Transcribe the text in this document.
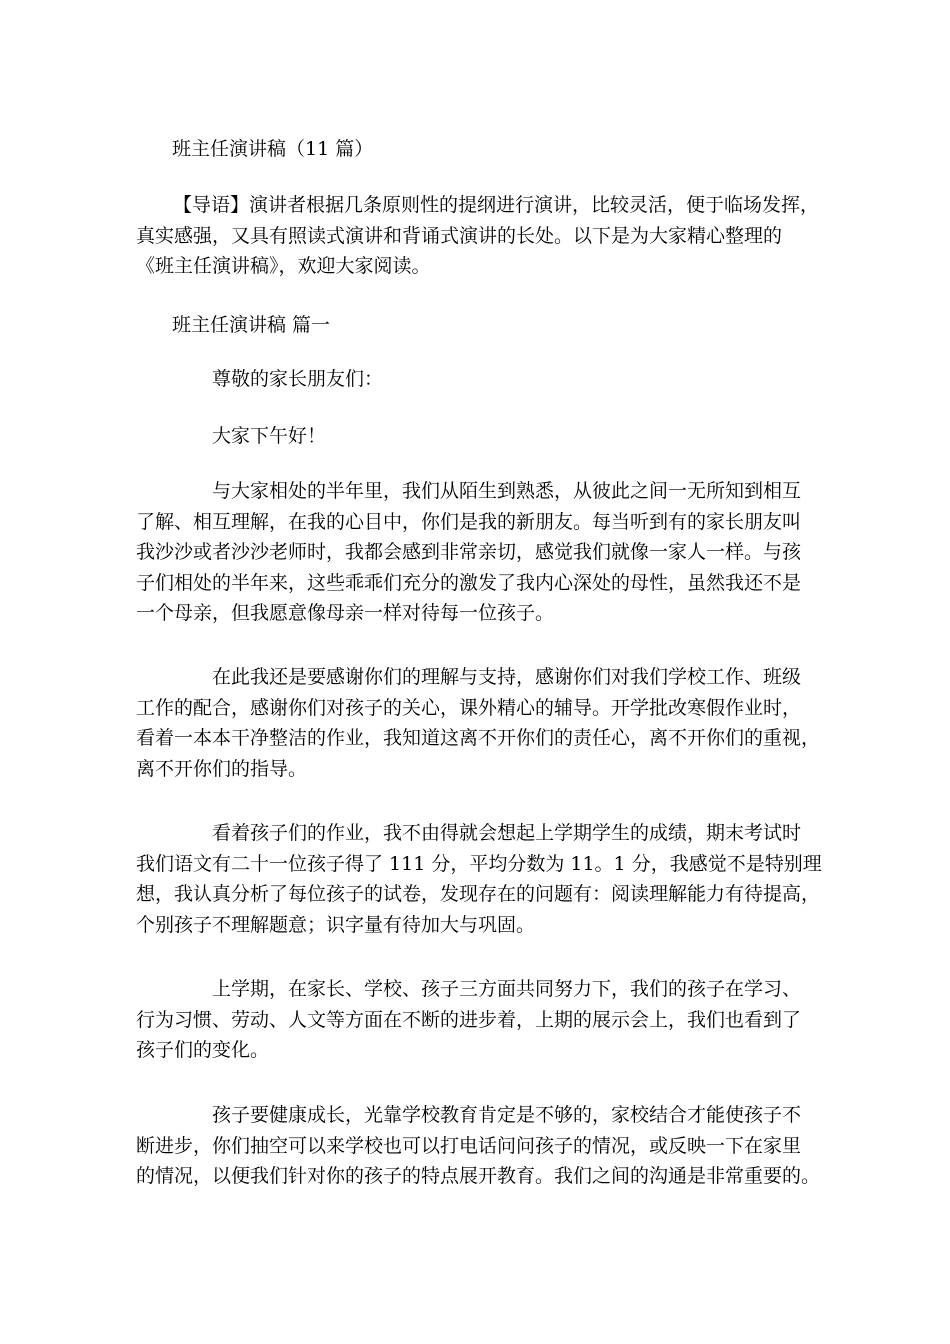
班主任演讲稿（11 篇）

【导语】演讲者根据几条原则性的提纲进行演讲，比较灵活，便于临场发挥，
真实感强，又具有照读式演讲和背诵式演讲的长处。以下是为大家精心整理的
《班主任演讲稿》，欢迎大家阅读。

班主任演讲稿 篇一

尊敬的家长朋友们：

大家下午好！

与大家相处的半年里，我们从陌生到熟悉，从彼此之间一无所知到相互
了解、相互理解，在我的心目中，你们是我的新朋友。每当听到有的家长朋友叫
我沙沙或者沙沙老师时，我都会感到非常亲切，感觉我们就像一家人一样。与孩
子们相处的半年来，这些乖乖们充分的激发了我内心深处的母性，虽然我还不是
一个母亲，但我愿意像母亲一样对待每一位孩子。
在此我还是要感谢你们的理解与支持，感谢你们对我们学校工作、班级
工作的配合，感谢你们对孩子的关心，课外精心的辅导。开学批改寒假作业时，
看着一本本干净整洁的作业，我知道这离不开你们的责任心，离不开你们的重视，
离不开你们的指导。
看着孩子们的作业，我不由得就会想起上学期学生的成绩，期末考试时
我们语文有二十一位孩子得了 111 分，平均分数为 11。1 分，我感觉不是特别理
想，我认真分析了每位孩子的试卷，发现存在的问题有：阅读理解能力有待提高，
个别孩子不理解题意；识字量有待加大与巩固。
上学期，在家长、学校、孩子三方面共同努力下，我们的孩子在学习、
行为习惯、劳动、人文等方面在不断的进步着，上期的展示会上，我们也看到了
孩子们的变化。
孩子要健康成长，光靠学校教育肯定是不够的，家校结合才能使孩子不
断进步，你们抽空可以来学校也可以打电话问问孩子的情况，或反映一下在家里
的情况，以便我们针对你的孩子的特点展开教育。我们之间的沟通是非常重要的。
